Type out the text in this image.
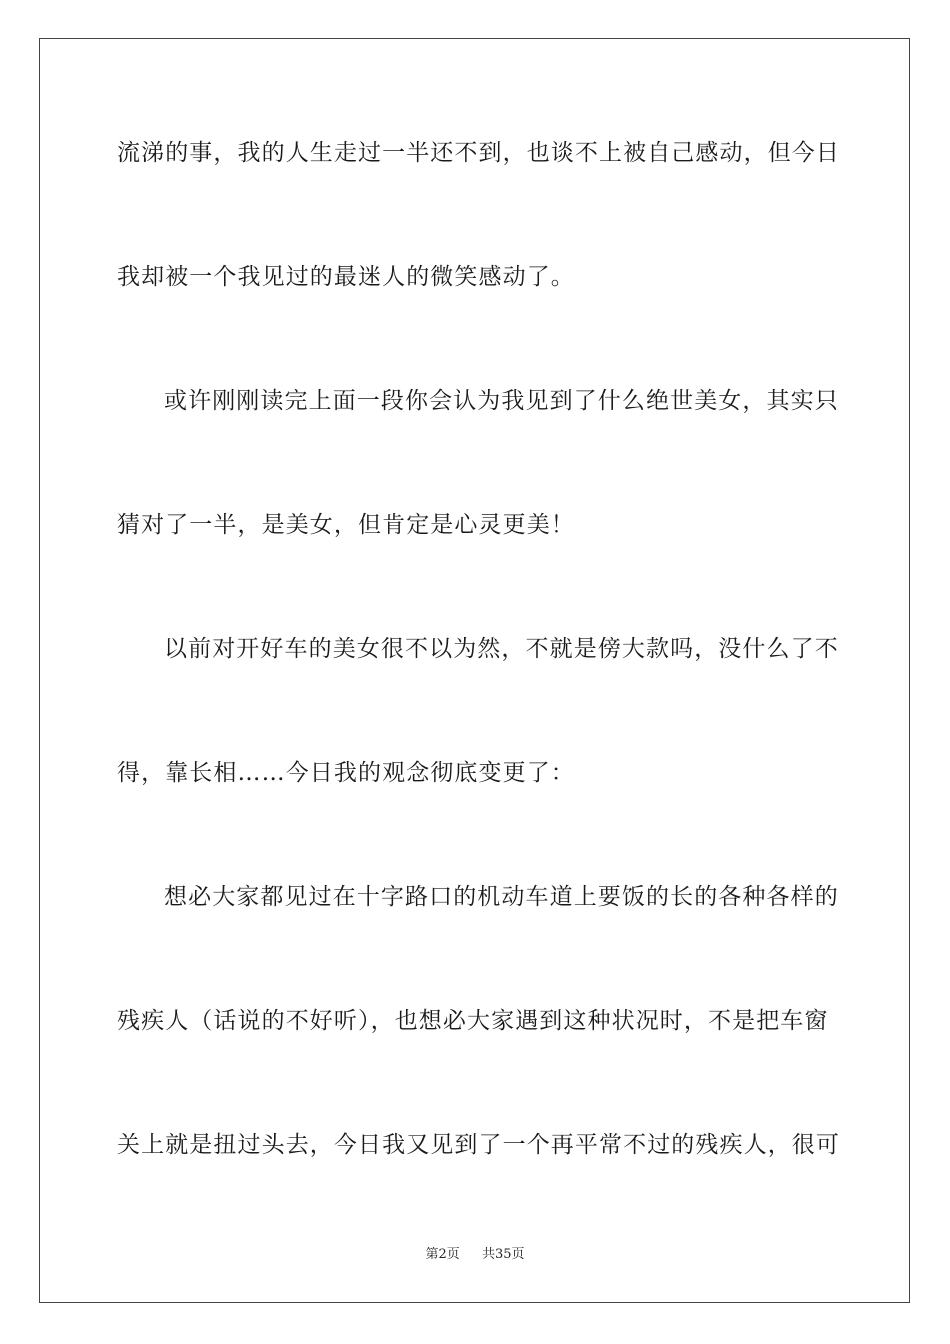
流涕的事，我的人生走过一半还不到，也谈不上被自己感动，但今日
我却被一个我见过的最迷人的微笑感动了。
或许刚刚读完上面一段你会认为我见到了什么绝世美女，其实只
猜对了一半，是美女，但肯定是心灵更美！
以前对开好车的美女很不以为然，不就是傍大款吗，没什么了不
得，靠长相……今日我的观念彻底变更了：
想必大家都见过在十字路口的机动车道上要饭的长的各种各样的
残疾人（话说的不好听），也想必大家遇到这种状况时，不是把车窗
关上就是扭过头去，今日我又见到了一个再平常不过的残疾人，很可
第2页 共35页
